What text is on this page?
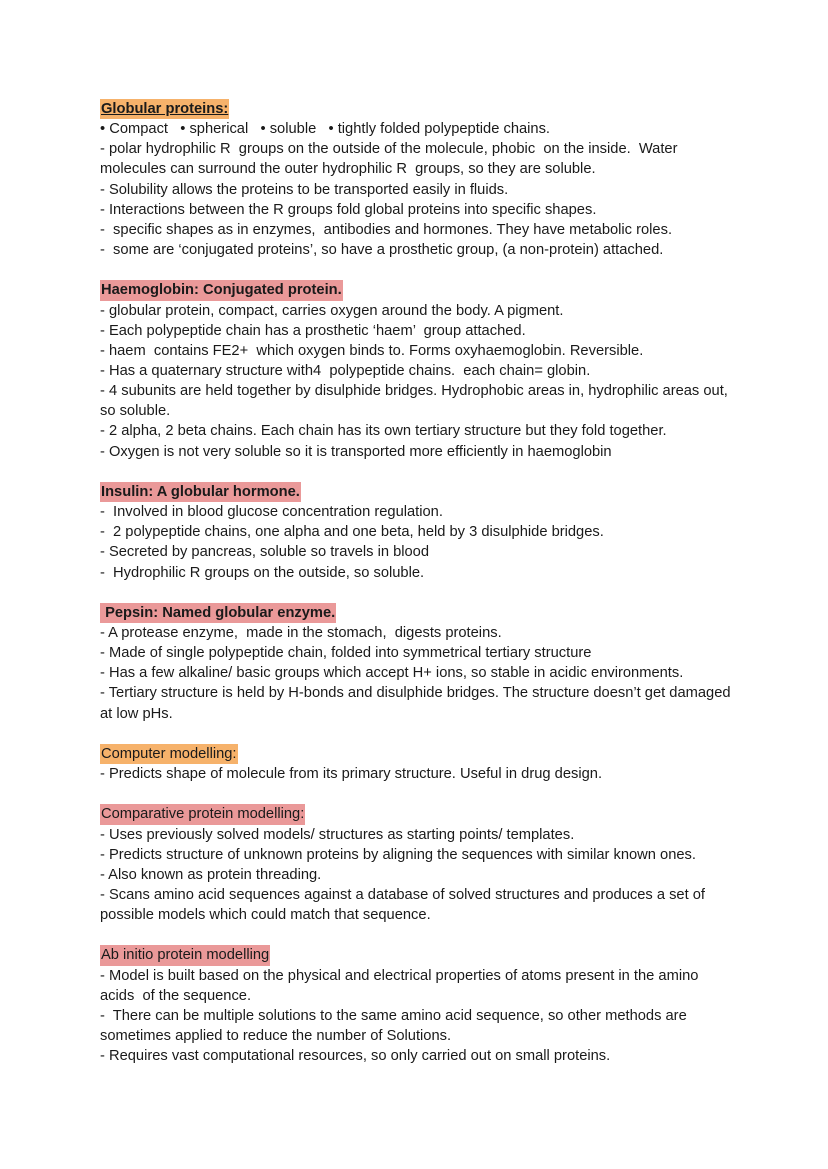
Globular proteins:
• Compact   • spherical   • soluble   • tightly folded polypeptide chains.
- polar hydrophilic R  groups on the outside of the molecule, phobic  on the inside.  Water molecules can surround the outer hydrophilic R  groups, so they are soluble.
- Solubility allows the proteins to be transported easily in fluids.
- Interactions between the R groups fold global proteins into specific shapes.
-  specific shapes as in enzymes,  antibodies and hormones. They have metabolic roles.
-  some are ‘conjugated proteins’, so have a prosthetic group, (a non-protein) attached.
Haemoglobin: Conjugated protein.
- globular protein, compact, carries oxygen around the body. A pigment.
- Each polypeptide chain has a prosthetic ‘haem’  group attached.
- haem  contains FE2+  which oxygen binds to. Forms oxyhaemoglobin. Reversible.
- Has a quaternary structure with4  polypeptide chains.  each chain= globin.
- 4 subunits are held together by disulphide bridges. Hydrophobic areas in, hydrophilic areas out, so soluble.
- 2 alpha, 2 beta chains. Each chain has its own tertiary structure but they fold together.
- Oxygen is not very soluble so it is transported more efficiently in haemoglobin
Insulin: A globular hormone.
-  Involved in blood glucose concentration regulation.
-  2 polypeptide chains, one alpha and one beta, held by 3 disulphide bridges.
- Secreted by pancreas, soluble so travels in blood
-  Hydrophilic R groups on the outside, so soluble.
Pepsin: Named globular enzyme.
- A protease enzyme,  made in the stomach,  digests proteins.
- Made of single polypeptide chain, folded into symmetrical tertiary structure
- Has a few alkaline/ basic groups which accept H+ ions, so stable in acidic environments.
- Tertiary structure is held by H-bonds and disulphide bridges. The structure doesn’t get damaged at low pHs.
Computer modelling:
- Predicts shape of molecule from its primary structure. Useful in drug design.
Comparative protein modelling:
- Uses previously solved models/ structures as starting points/ templates.
- Predicts structure of unknown proteins by aligning the sequences with similar known ones.
- Also known as protein threading.
- Scans amino acid sequences against a database of solved structures and produces a set of possible models which could match that sequence.
Ab initio protein modelling
- Model is built based on the physical and electrical properties of atoms present in the amino acids  of the sequence.
-  There can be multiple solutions to the same amino acid sequence, so other methods are sometimes applied to reduce the number of Solutions.
- Requires vast computational resources, so only carried out on small proteins.
